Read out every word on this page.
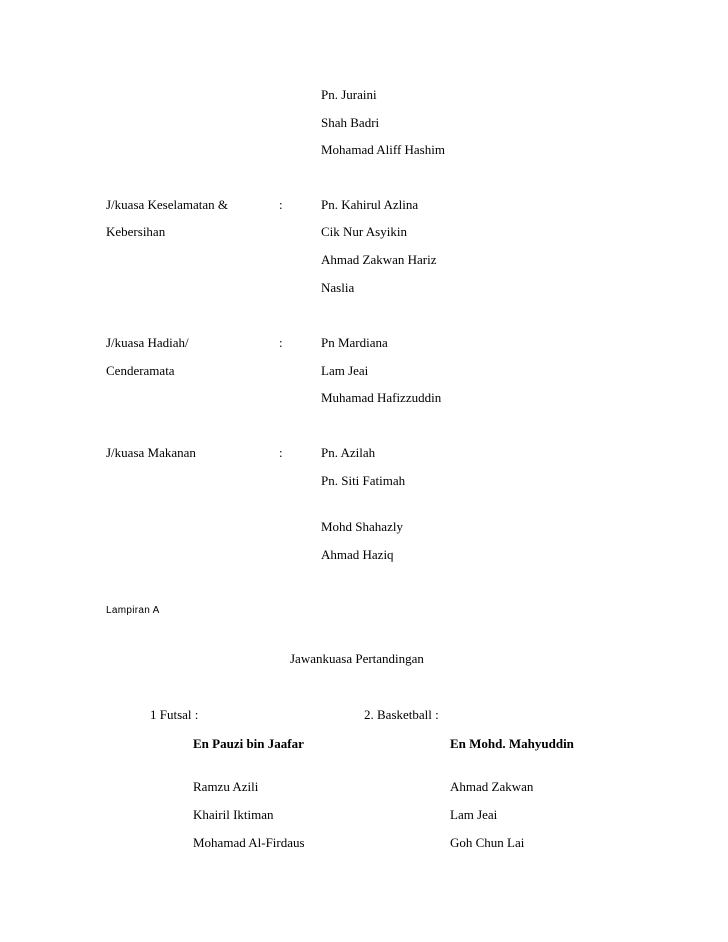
Pn. Juraini
Shah Badri
Mohamad Aliff Hashim
J/kuasa Keselamatan &
Kebersihan
:	Pn. Kahirul Azlina
Cik Nur Asyikin
Ahmad Zakwan Hariz
Naslia
J/kuasa Hadiah/
Cenderamata
:	Pn Mardiana
Lam Jeai
Muhamad Hafizzuddin
J/kuasa Makanan	:	Pn. Azilah
Pn. Siti Fatimah
Mohd Shahazly
Ahmad Haziq
Lampiran A
Jawankuasa Pertandingan
1 Futsal :
En Pauzi bin Jaafar
Ramzu Azili
Khairil Iktiman
Mohamad Al-Firdaus
2. Basketball :
En Mohd. Mahyuddin
Ahmad Zakwan
Lam Jeai
Goh Chun Lai
